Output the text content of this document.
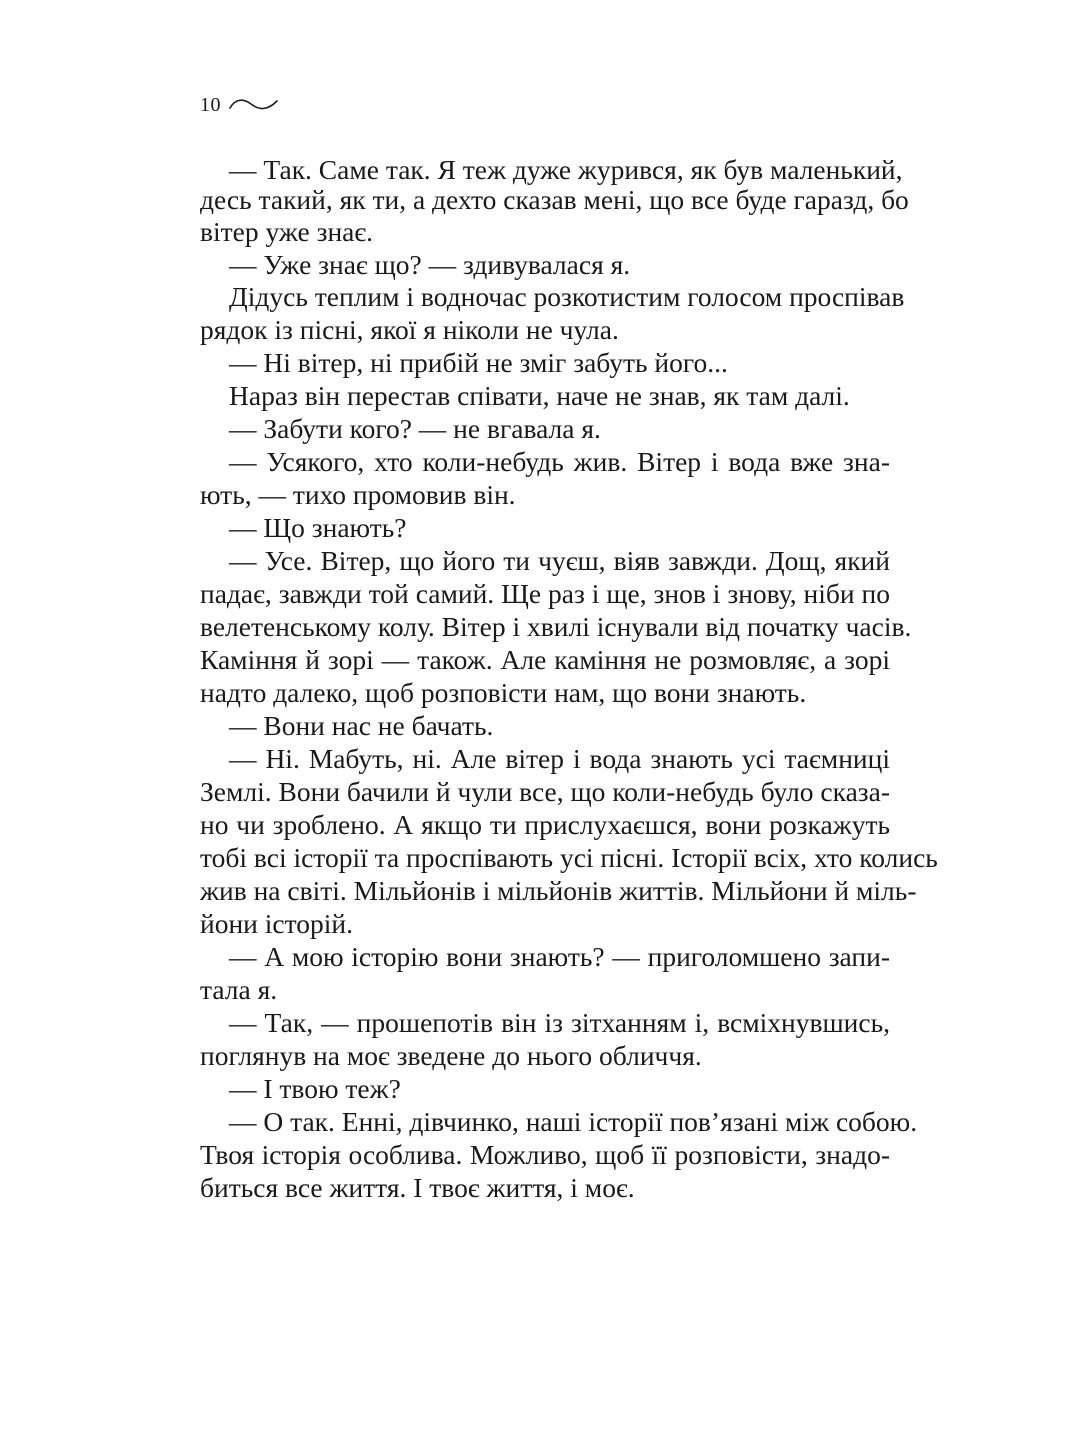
10
— Так. Саме так. Я теж дуже журився, як був маленький,
десь такий, як ти, а дехто сказав мені, що все буде гаразд, бо
вітер уже знає.
— Уже знає що? — здивувалася я.
Дідусь теплим і водночас розкотистим голосом проспівав
рядок із пісні, якої я ніколи не чула.
— Ні вітер, ні прибій не зміг забуть його...
Нараз він перестав співати, наче не знав, як там далі.
— Забути кого? — не вгавала я.
— Усякого, хто коли-небудь жив. Вітер і вода вже зна-
ють, — тихо промовив він.
— Що знають?
— Усе. Вітер, що його ти чуєш, віяв завжди. Дощ, який
падає, завжди той самий. Ще раз і ще, знов і знову, ніби по
велетенському колу. Вітер і хвилі існували від початку часів.
Каміння й зорі — також. Але каміння не розмовляє, а зорі
надто далеко, щоб розповісти нам, що вони знають.
— Вони нас не бачать.
— Ні. Мабуть, ні. Але вітер і вода знають усі таємниці
Землі. Вони бачили й чули все, що коли-небудь було сказа-
но чи зроблено. А якщо ти прислухаєшся, вони розкажуть
тобі всі історії та проспівають усі пісні. Історії всіх, хто колись
жив на світі. Мільйонів і мільйонів життів. Мільйони й міль-
йони історій.
— А мою історію вони знають? — приголомшено запи-
тала я.
— Так, — прошепотів він із зітханням і, всміхнувшись,
поглянув на моє зведене до нього обличчя.
— І твою теж?
— О так. Енні, дівчинко, наші історії пов’язані між собою.
Твоя історія особлива. Можливо, щоб її розповісти, знадо-
биться все життя. І твоє життя, і моє.
